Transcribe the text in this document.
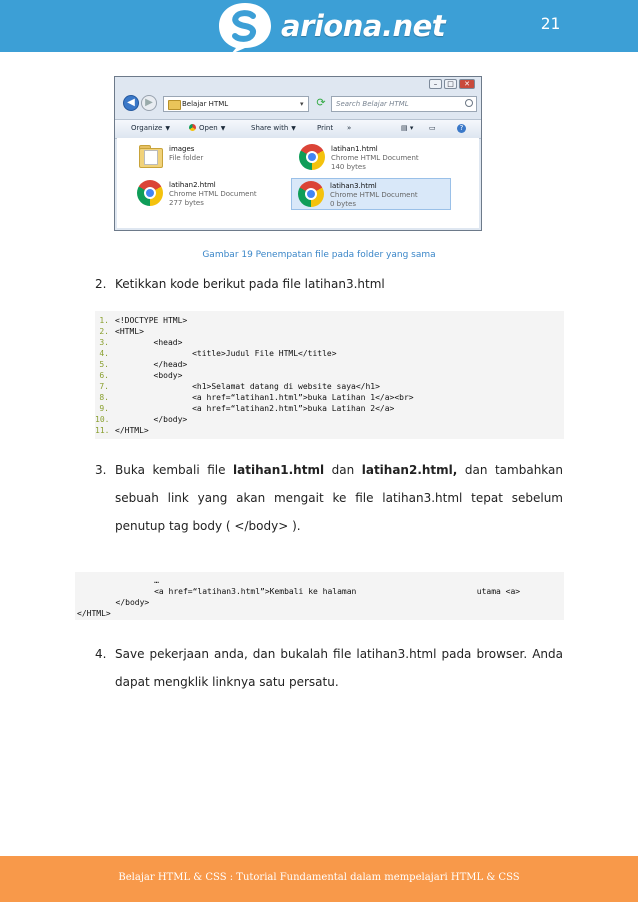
ariona.net	21
–	□	✕
◀	▶	Belajar HTML	▾	⟳	Search Belajar HTML
Organize ▼	Open ▼	Share with ▼	Print »	▤ ▾ ▭	?
images
File folder
latihan1.html
Chrome HTML Document
140 bytes
latihan2.html
Chrome HTML Document
277 bytes
latihan3.html
Chrome HTML Document
0 bytes
Gambar 19 Penempatan file pada folder yang sama
2. Ketikkan kode berikut pada file latihan3.html
1. <!DOCTYPE HTML>
2. <HTML>
3. <head>
4. <title>Judul File HTML</title>
5. </head>
6. <body>
7. <h1>Selamat datang di website saya</h1>
8. <a href=“latihan1.html”>buka Latihan 1</a><br>
9. <a href=“latihan2.html”>buka Latihan 2</a>
10. </body>
11. </HTML>
3. Buka kembali file latihan1.html dan latihan2.html, dan tambahkan sebuah link yang akan mengait ke file latihan3.html tepat sebelum penutup tag body ( </body> ).
…
<a href=“latihan3.html”>Kembali ke halaman                         utama <a>
</body>
</HTML>
4. Save pekerjaan anda, dan bukalah file latihan3.html pada browser. Anda dapat mengklik linknya satu persatu.
Belajar HTML & CSS : Tutorial Fundamental dalam mempelajari HTML & CSS
